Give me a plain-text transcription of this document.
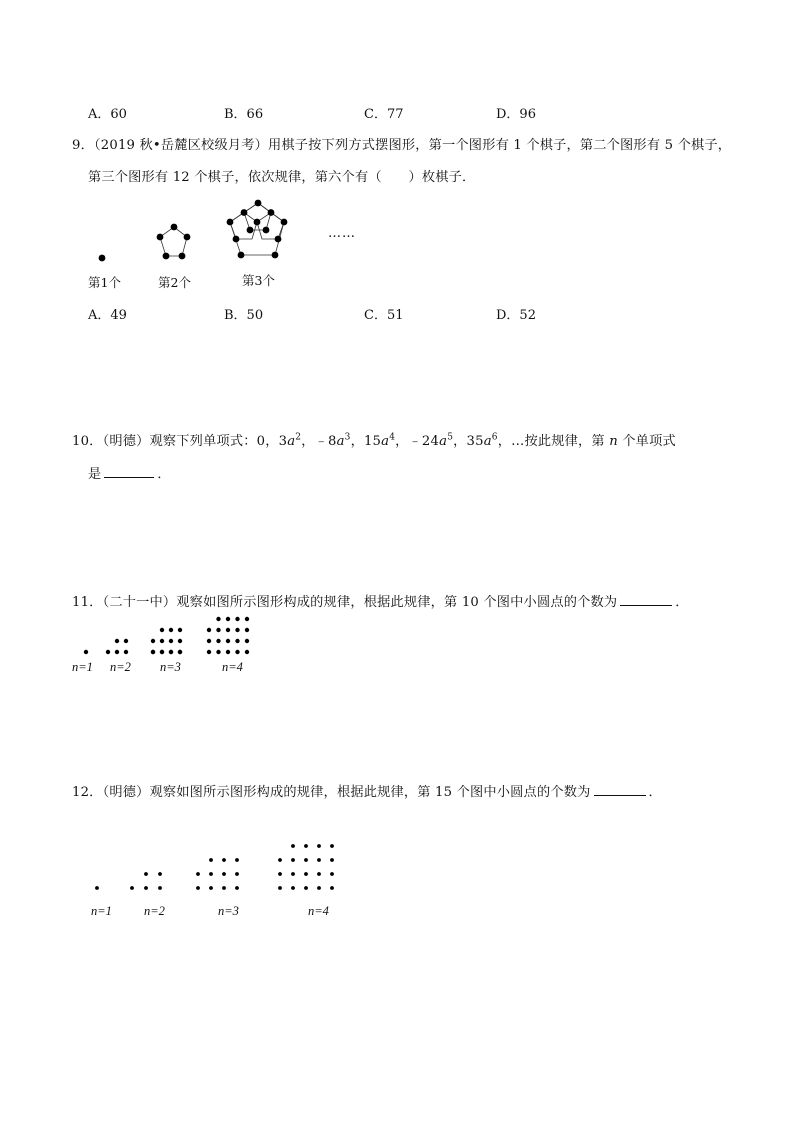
A．60	B．66	C．77	D．96
9．（2019 秋•岳麓区校级月考）用棋子按下列方式摆图形，第一个图形有 1 个棋子，第二个图形有 5 个棋子，
第三个图形有 12 个棋子，依次规律，第六个有（　　）枚棋子．
……
第1个	第2个	第3个
A．49	B．50	C．51	D．52
10．（明德）观察下列单项式：0，$3a^2$，$﹣8a^3$，$15a^4$，$﹣24a^5$，$35a^6$，…按此规律，第 n 个单项式
是	．
11．（二十一中）观察如图所示图形构成的规律，根据此规律，第 10 个图中小圆点的个数为	．
n=1 n=2 n=3	n=4
12．（明德）观察如图所示图形构成的规律，根据此规律，第 15 个图中小圆点的个数为	．
n=1	n=2	n=3	n=4
